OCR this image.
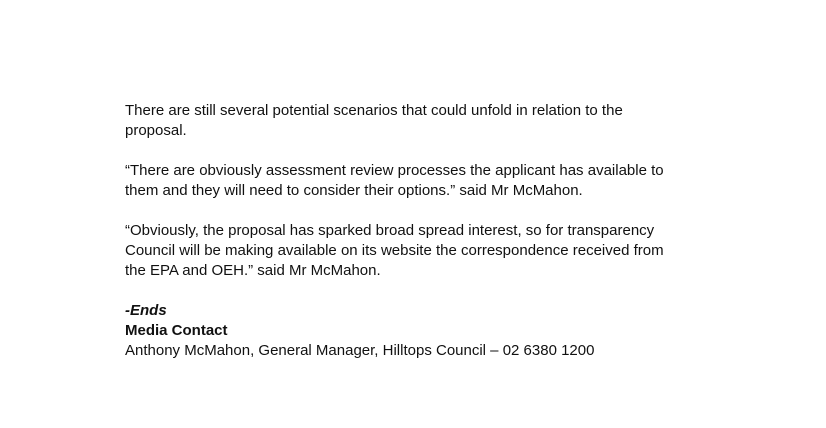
There are still several potential scenarios that could unfold in relation to the
proposal.

“There are obviously assessment review processes the applicant has available to
them and they will need to consider their options.” said Mr McMahon.

“Obviously, the proposal has sparked broad spread interest, so for transparency
Council will be making available on its website the correspondence received from
the EPA and OEH.” said Mr McMahon.

-Ends
Media Contact
Anthony McMahon, General Manager, Hilltops Council – 02 6380 1200
